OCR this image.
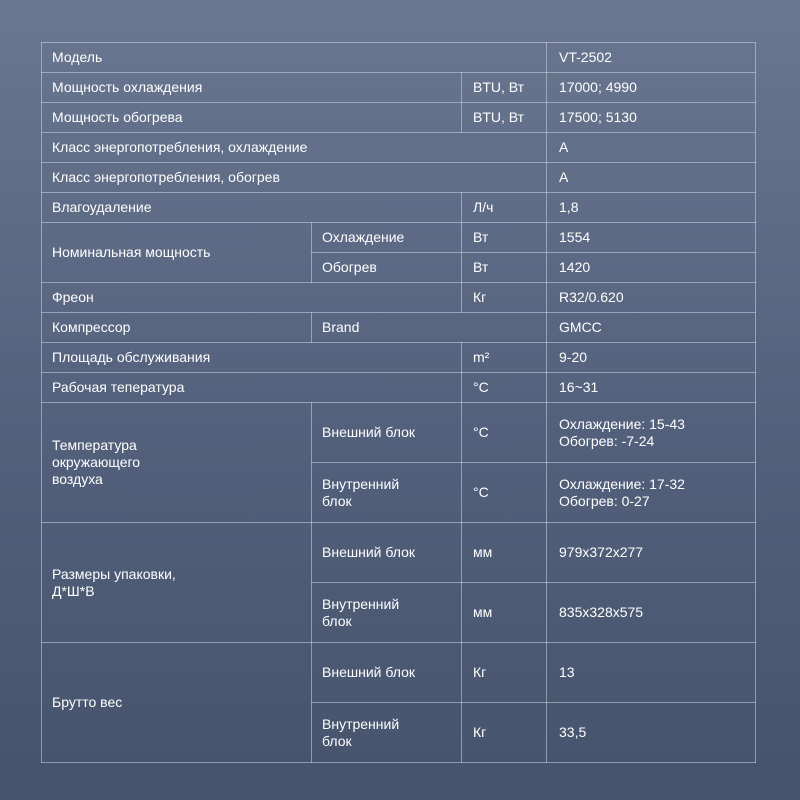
Модель			VT-2502
Мощность охлаждения		BTU, Вт	17000; 4990
Мощность обогрева		BTU, Вт	17500; 5130
Класс энергопотребления, охлаждение			A
Класс энергопотребления, обогрев			A
Влагоудаление		Л/ч	1,8
Номинальная мощность	Охлаждение	Вт	1554
	Обогрев	Вт	1420
Фреон		Кг	R32/0.620
Компрессор	Brand		GMCC
Площадь обслуживания		m²	9-20
Рабочая тепература		°C	16~31
Температура окружающего воздуха	Внешний блок	°C	Охлаждение: 15-43 Обогрев: -7-24
	Внутренний блок	°C	Охлаждение: 17-32 Обогрев: 0-27
Размеры упаковки, Д*Ш*В	Внешний блок	мм	979x372x277
	Внутренний блок	мм	835x328x575
Брутто вес	Внешний блок	Кг	13
	Внутренний блок	Кг	33,5
